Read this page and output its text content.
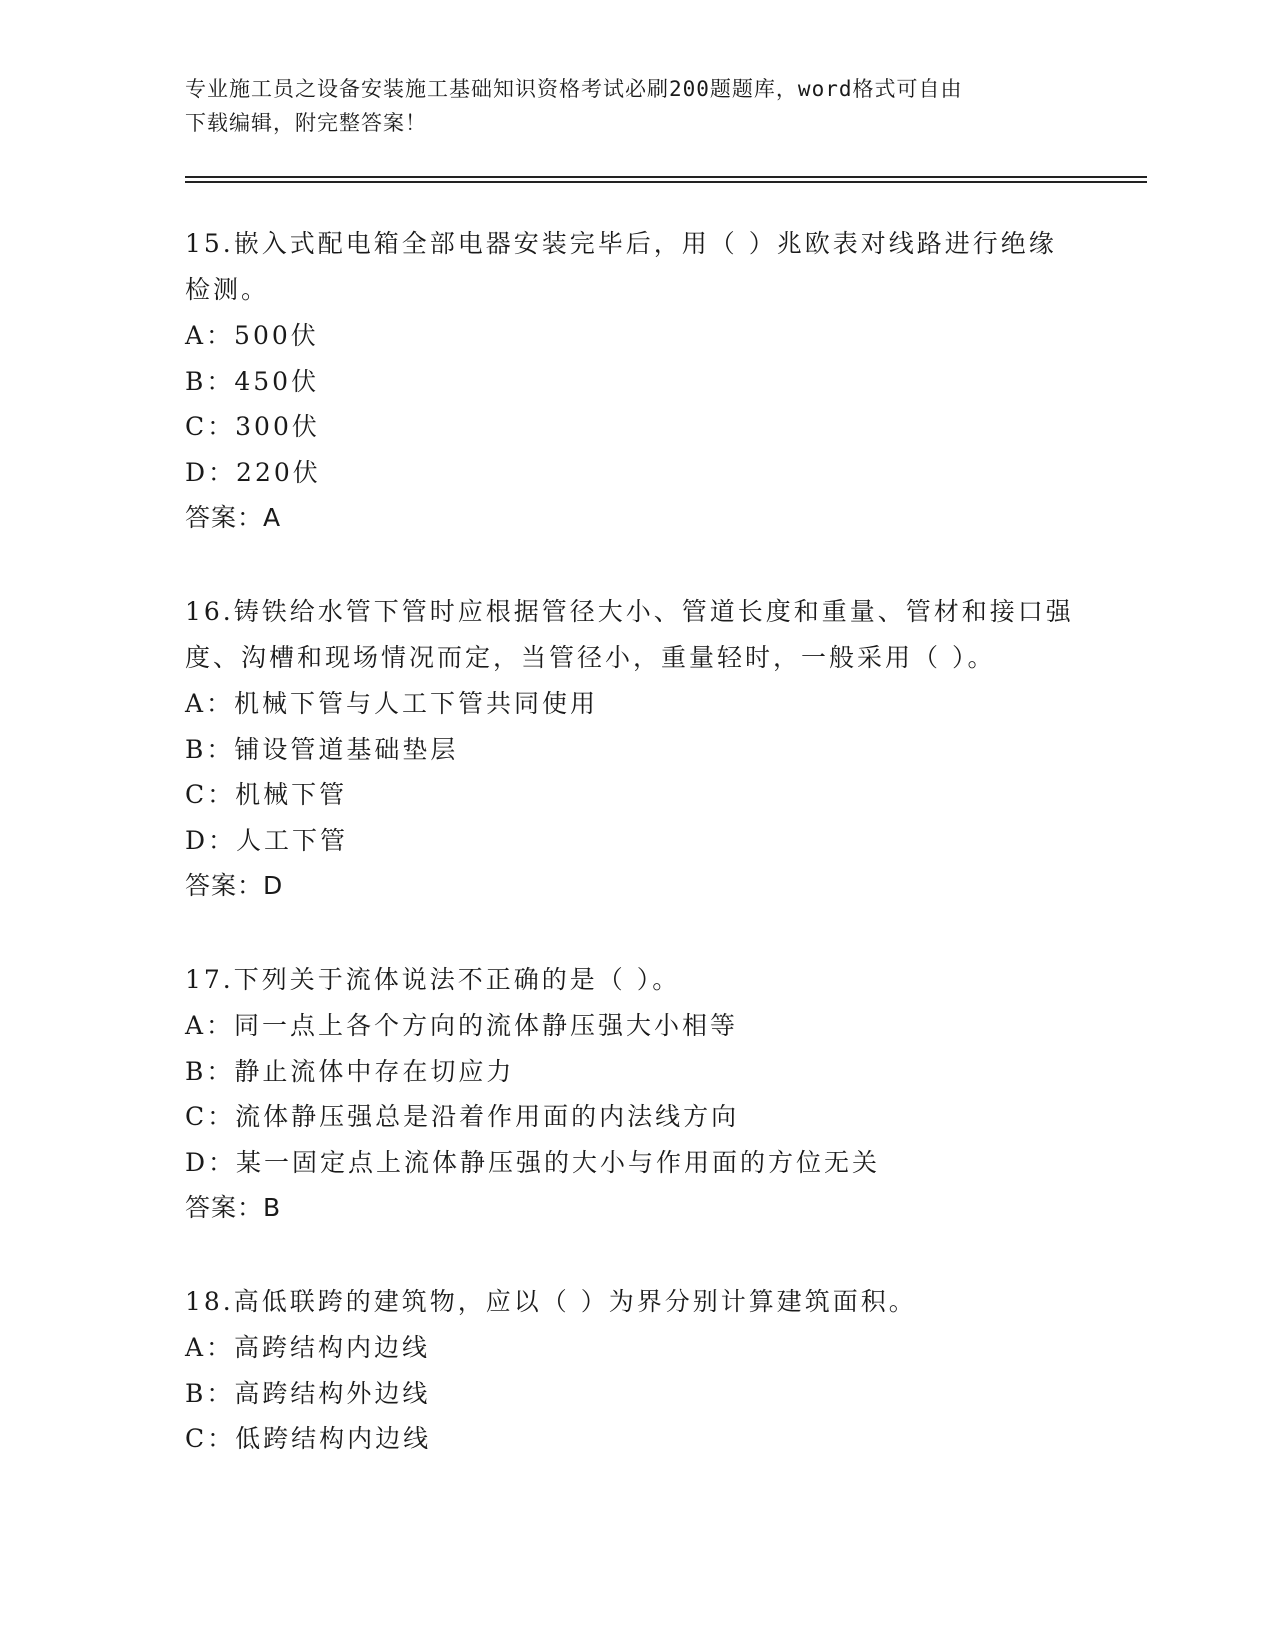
专业施工员之设备安装施工基础知识资格考试必刷200题题库，word格式可自由
下载编辑，附完整答案！

15.嵌入式配电箱全部电器安装完毕后，用（ ）兆欧表对线路进行绝缘检测。

A：500伏

B：450伏

C：300伏

D：220伏

答案：A

16.铸铁给水管下管时应根据管径大小、管道长度和重量、管材和接口强度、沟槽和现场情况而定，当管径小，重量轻时，一般采用（ ）。

A：机械下管与人工下管共同使用

B：铺设管道基础垫层

C：机械下管

D：人工下管

答案：D

17.下列关于流体说法不正确的是（ ）。

A：同一点上各个方向的流体静压强大小相等

B：静止流体中存在切应力

C：流体静压强总是沿着作用面的内法线方向

D：某一固定点上流体静压强的大小与作用面的方位无关

答案：B

18.高低联跨的建筑物，应以（ ）为界分别计算建筑面积。

A：高跨结构内边线

B：高跨结构外边线

C：低跨结构内边线
